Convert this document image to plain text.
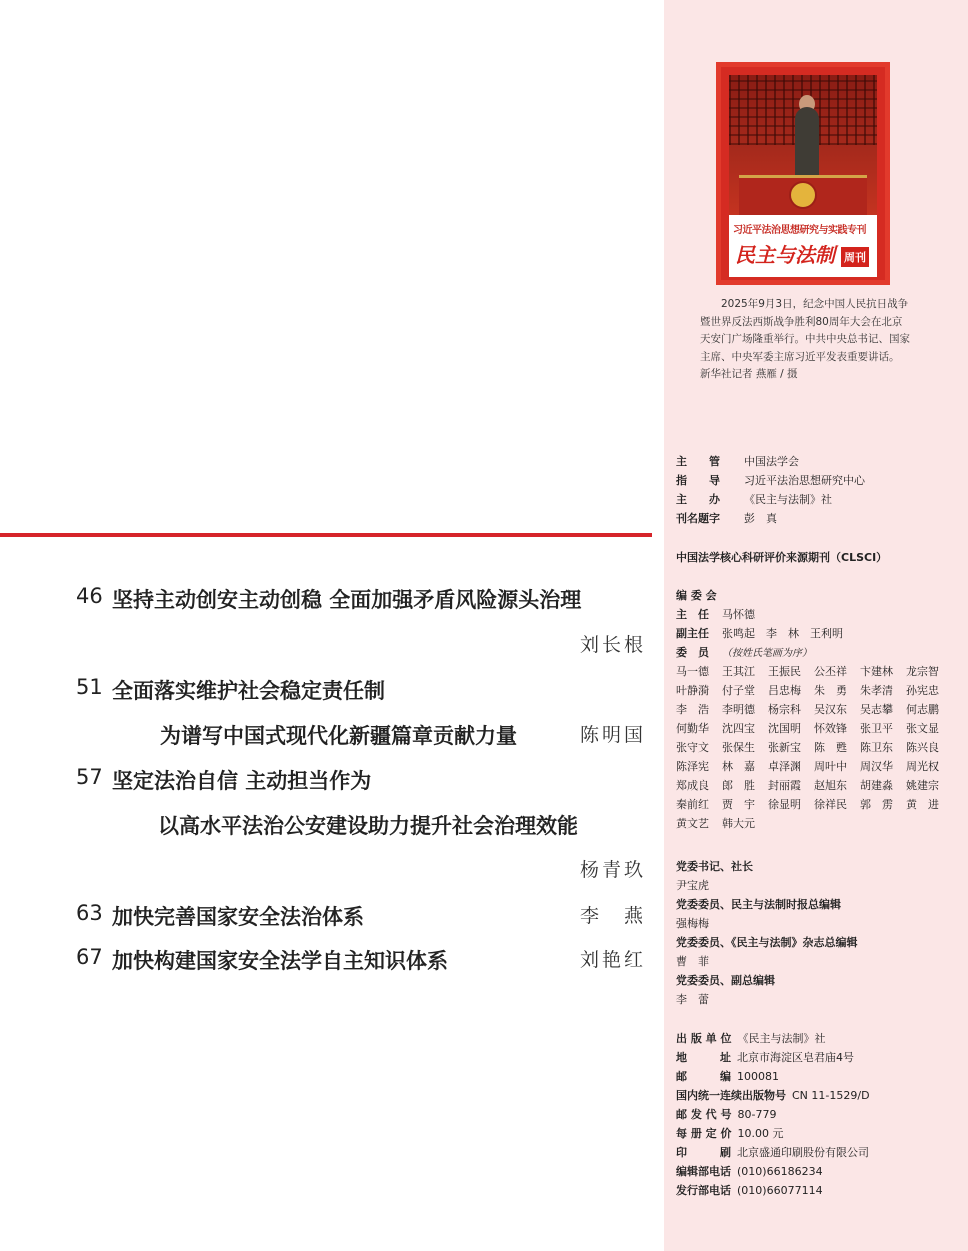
46 坚持主动创安主动创稳 全面加强矛盾风险源头治理
刘长根
51 全面落实维护社会稳定责任制
为谱写中国式现代化新疆篇章贡献力量	陈明国
57 坚定法治自信 主动担当作为
以高水平法治公安建设助力提升社会治理效能
杨青玖
63 加快完善国家安全法治体系	李　燕
67 加快构建国家安全法学自主知识体系	刘艳红
习近平法治思想研究与实践专刊
民主与法制 周刊
2025年9月3日，纪念中国人民抗日战争暨世界反法西斯战争胜利80周年大会在北京天安门广场隆重举行。中共中央总书记、国家主席、中央军委主席习近平发表重要讲话。　　新华社记者 燕雁 / 摄
主　　管 中国法学会
指　　导 习近平法治思想研究中心
主　　办 《民主与法制》社
刊名题字 彭　真
中国法学核心科研评价来源期刊（CLSCI）
编 委 会
主　任 马怀德
副主任 张鸣起　李　林　王利明
委　员 （按姓氏笔画为序）
马一德 王其江 王振民 公丕祥 卞建林 龙宗智
叶静漪 付子堂 吕忠梅 朱　勇 朱孝清 孙宪忠
李　浩 李明德 杨宗科 吴汉东 吴志攀 何志鹏
何勤华 沈四宝 沈国明 怀效锋 张卫平 张文显
张守文 张保生 张新宝 陈　甦 陈卫东 陈兴良
陈泽宪 林　嘉 卓泽渊 周叶中 周汉华 周光权
郑成良 郎　胜 封丽霞 赵旭东 胡建淼 姚建宗
秦前红 贾　宇 徐显明 徐祥民 郭　雳 黄　进
黄文艺 韩大元
党委书记、社长
尹宝虎
党委委员、民主与法制时报总编辑
强梅梅
党委委员、《民主与法制》杂志总编辑
曹　菲
党委委员、副总编辑
李　蕾
出 版 单 位 《民主与法制》社
地　　　址 北京市海淀区皂君庙4号
邮　　　编 100081
国内统一连续出版物号 CN 11-1529/D
邮 发 代 号 80-779
每 册 定 价 10.00 元
印　　　刷 北京盛通印刷股份有限公司
编辑部电话 (010)66186234
发行部电话 (010)66077114
